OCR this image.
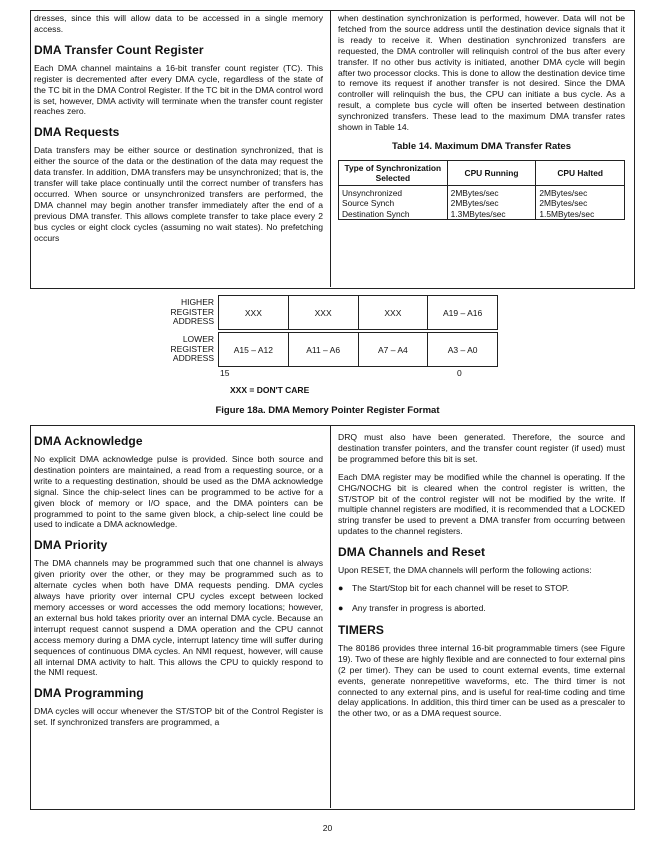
dresses, since this will allow data to be accessed in a single memory access.

DMA Transfer Count Register

Each DMA channel maintains a 16-bit transfer count register (TC). This register is decremented after every DMA cycle, regardless of the state of the TC bit in the DMA Control Register. If the TC bit in the DMA control word is set, however, DMA activity will terminate when the transfer count register reaches zero.

DMA Requests

Data transfers may be either source or destination synchronized, that is either the source of the data or the destination of the data may request the data transfer. In addition, DMA transfers may be unsynchronized; that is, the transfer will take place continually until the correct number of transfers has occurred. When source or unsynchronized transfers are performed, the DMA channel may begin another transfer immediately after the end of a previous DMA transfer. This allows complete transfer to take place every 2 bus cycles or eight clock cycles (assuming no wait states). No prefetching occurs

when destination synchronization is performed, however. Data will not be fetched from the source address until the destination device signals that it is ready to receive it. When destination synchronized transfers are requested, the DMA controller will relinquish control of the bus after every transfer. If no other bus activity is initiated, another DMA cycle will begin after two processor clocks. This is done to allow the destination device time to remove its request if another transfer is not desired. Since the DMA controller will relinquish the bus, the CPU can initiate a bus cycle. As a result, a complete bus cycle will often be inserted between destination synchronized transfers. These lead to the maximum DMA transfer rates shown in Table 14.

Table 14. Maximum DMA Transfer Rates
Type of Synchronization Selected	CPU Running	CPU Halted
Unsynchronized	2MBytes/sec	2MBytes/sec
Source Synch	2MBytes/sec	2MBytes/sec
Destination Synch	1.3MBytes/sec	1.5MBytes/sec
HIGHER REGISTER ADDRESS
XXX	XXX	XXX	A19 – A16
LOWER REGISTER ADDRESS
A15 – A12	A11 – A6	A7 – A4	A3 – A0
15	0
XXX = DON'T CARE
Figure 18a. DMA Memory Pointer Register Format
DMA Acknowledge

No explicit DMA acknowledge pulse is provided. Since both source and destination pointers are maintained, a read from a requesting source, or a write to a requesting destination, should be used as the DMA acknowledge signal. Since the chip-select lines can be programmed to be active for a given block of memory or I/O space, and the DMA pointers can be programmed to point to the same given block, a chip-select line could be used to indicate a DMA acknowledge.

DMA Priority

The DMA channels may be programmed such that one channel is always given priority over the other, or they may be programmed such as to alternate cycles when both have DMA requests pending. DMA cycles always have priority over internal CPU cycles except between locked memory accesses or word accesses the odd memory locations; however, an external bus hold takes priority over an internal DMA cycle. Because an interrupt request cannot suspend a DMA operation and the CPU cannot access memory during a DMA cycle, interrupt latency time will suffer during sequences of continuous DMA cycles. An NMI request, however, will cause all internal DMA activity to halt. This allows the CPU to quickly respond to the NMI request.

DMA Programming

DMA cycles will occur whenever the ST/STOP bit of the Control Register is set. If synchronized transfers are programmed, a

DRQ must also have been generated. Therefore, the source and destination transfer pointers, and the transfer count register (if used) must be programmed before this bit is set.

Each DMA register may be modified while the channel is operating. If the CHG/NOCHG bit is cleared when the control register is written, the ST/STOP bit of the control register will not be modified by the write. If multiple channel registers are modified, it is recommended that a LOCKED string transfer be used to prevent a DMA transfer from occurring between updates to the channel registers.

DMA Channels and Reset

Upon RESET, the DMA channels will perform the following actions:

● The Start/Stop bit for each channel will be reset to STOP.
● Any transfer in progress is aborted.
TIMERS

The 80186 provides three internal 16-bit programmable timers (see Figure 19). Two of these are highly flexible and are connected to four external pins (2 per timer). They can be used to count external events, time external events, generate nonrepetitive waveforms, etc. The third timer is not connected to any external pins, and is useful for real-time coding and time delay applications. In addition, this third timer can be used as a prescaler to the other two, or as a DMA request source.

20
